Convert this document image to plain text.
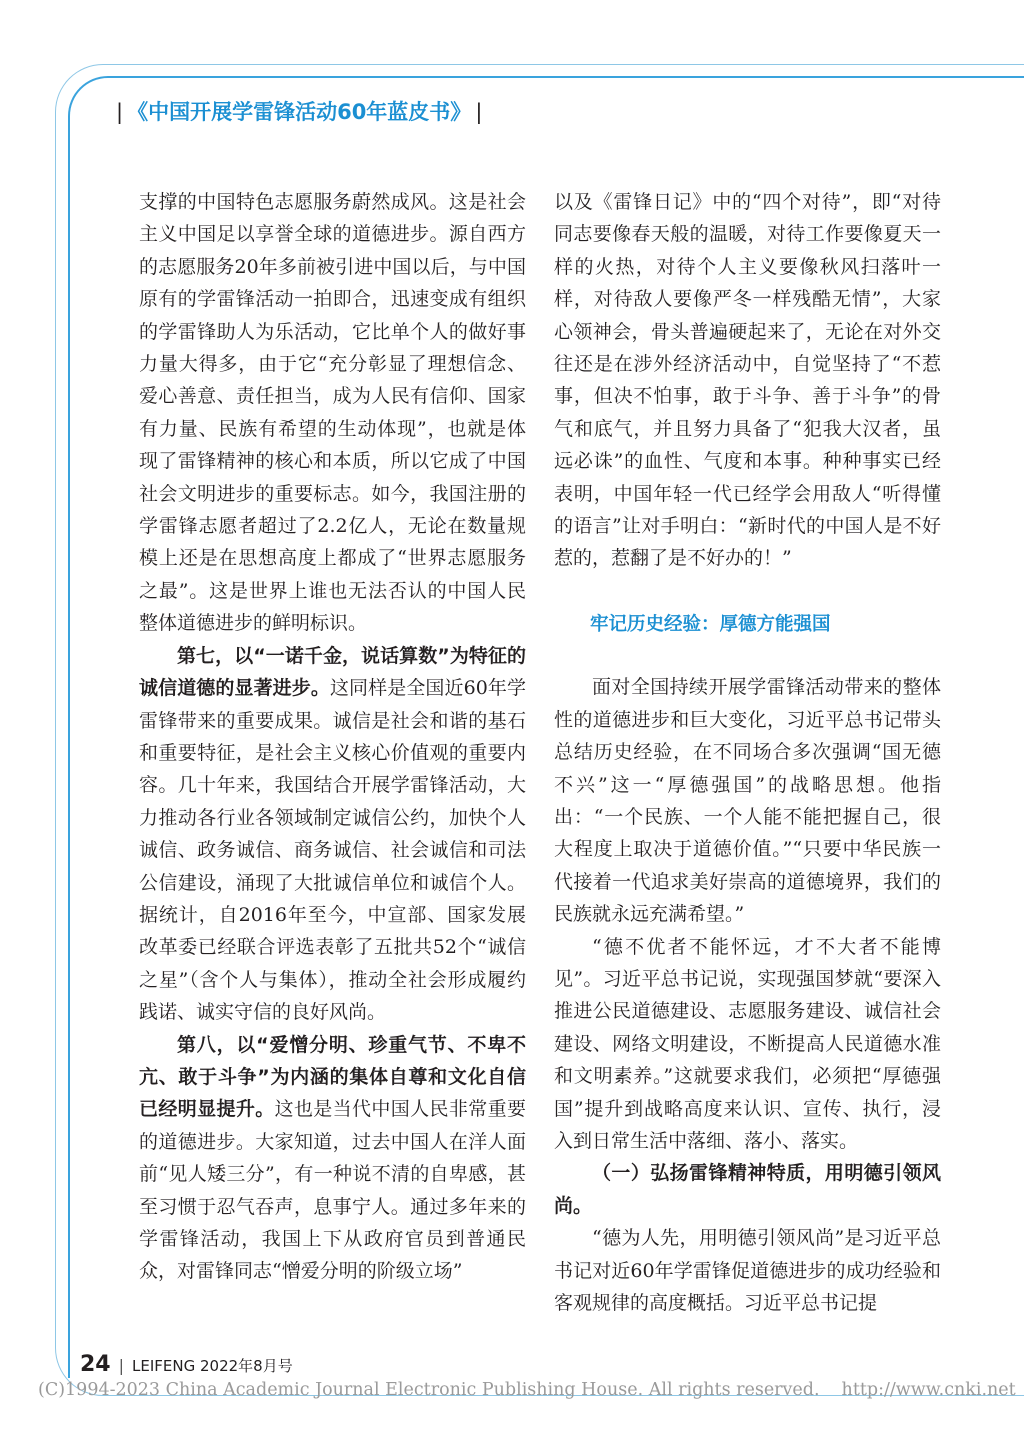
| 《中国开展学雷锋活动60年蓝皮书》 |

支撑的中国特色志愿服务蔚然成风。这是社会主义中国足以享誉全球的道德进步。源自西方的志愿服务20年多前被引进中国以后，与中国原有的学雷锋活动一拍即合，迅速变成有组织的学雷锋助人为乐活动，它比单个人的做好事力量大得多，由于它“充分彰显了理想信念、爱心善意、责任担当，成为人民有信仰、国家有力量、民族有希望的生动体现”，也就是体现了雷锋精神的核心和本质，所以它成了中国社会文明进步的重要标志。如今，我国注册的学雷锋志愿者超过了2.2亿人，无论在数量规模上还是在思想高度上都成了“世界志愿服务之最”。这是世界上谁也无法否认的中国人民整体道德进步的鲜明标识。

第七，以“一诺千金，说话算数”为特征的诚信道德的显著进步。这同样是全国近60年学雷锋带来的重要成果。诚信是社会和谐的基石和重要特征，是社会主义核心价值观的重要内容。几十年来，我国结合开展学雷锋活动，大力推动各行业各领域制定诚信公约，加快个人诚信、政务诚信、商务诚信、社会诚信和司法公信建设，涌现了大批诚信单位和诚信个人。据统计，自2016年至今，中宣部、国家发展改革委已经联合评选表彰了五批共52个“诚信之星”（含个人与集体），推动全社会形成履约践诺、诚实守信的良好风尚。

第八，以“爱憎分明、珍重气节、不卑不亢、敢于斗争”为内涵的集体自尊和文化自信已经明显提升。这也是当代中国人民非常重要的道德进步。大家知道，过去中国人在洋人面前“见人矮三分”，有一种说不清的自卑感，甚至习惯于忍气吞声，息事宁人。通过多年来的学雷锋活动，我国上下从政府官员到普通民众，对雷锋同志“憎爱分明的阶级立场”

以及《雷锋日记》中的“四个对待”，即“对待同志要像春天般的温暖，对待工作要像夏天一样的火热，对待个人主义要像秋风扫落叶一样，对待敌人要像严冬一样残酷无情”，大家心领神会，骨头普遍硬起来了，无论在对外交往还是在涉外经济活动中，自觉坚持了“不惹事，但决不怕事，敢于斗争、善于斗争”的骨气和底气，并且努力具备了“犯我大汉者，虽远必诛”的血性、气度和本事。种种事实已经表明，中国年轻一代已经学会用敌人“听得懂的语言”让对手明白：“新时代的中国人是不好惹的，惹翻了是不好办的！”

牢记历史经验：厚德方能强国

面对全国持续开展学雷锋活动带来的整体性的道德进步和巨大变化，习近平总书记带头总结历史经验，在不同场合多次强调“国无德不兴”这一“厚德强国”的战略思想。他指出：“一个民族、一个人能不能把握自己，很大程度上取决于道德价值。”“只要中华民族一代接着一代追求美好崇高的道德境界，我们的民族就永远充满希望。”

“德不优者不能怀远，才不大者不能博见”。习近平总书记说，实现强国梦就“要深入推进公民道德建设、志愿服务建设、诚信社会建设、网络文明建设，不断提高人民道德水准和文明素养。”这就要求我们，必须把“厚德强国”提升到战略高度来认识、宣传、执行，浸入到日常生活中落细、落小、落实。

（一）弘扬雷锋精神特质，用明德引领风尚。

“德为人先，用明德引领风尚”是习近平总书记对近60年学雷锋促道德进步的成功经验和客观规律的高度概括。习近平总书记提

24 | LEIFENG 2022年8月号
(C)1994-2023 China Academic Journal Electronic Publishing House. All rights reserved. http://www.cnki.net
